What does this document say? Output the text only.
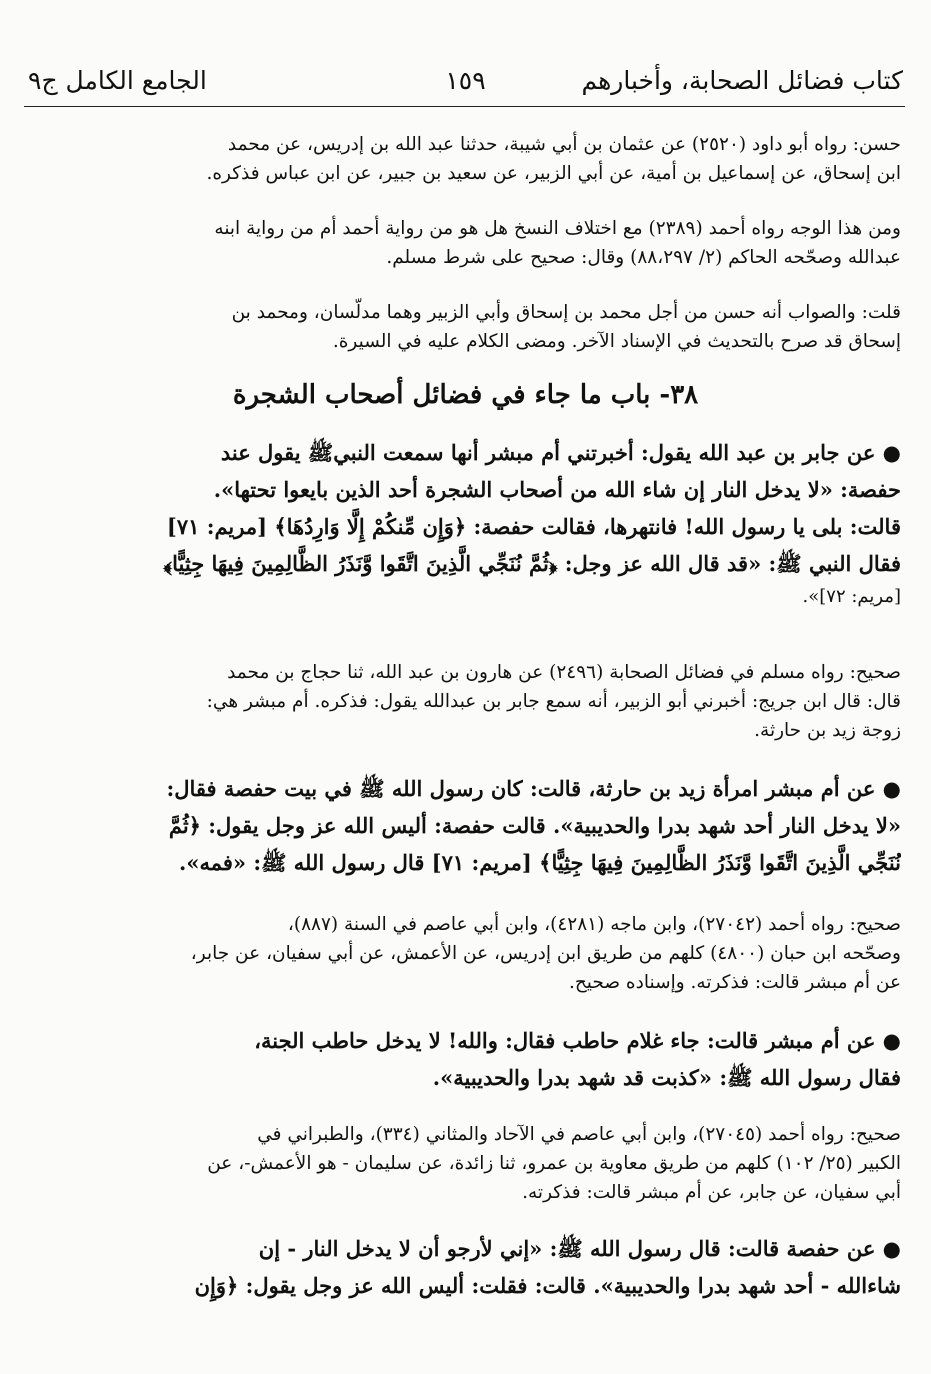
كتاب فضائل الصحابة، وأخبارهم
١٥٩
الجامع الكامل ج٩
حسن: رواه أبو داود (٢٥٢٠) عن عثمان بن أبي شيبة، حدثنا عبد الله بن إدريس، عن محمد
ابن إسحاق، عن إسماعيل بن أمية، عن أبي الزبير، عن سعيد بن جبير، عن ابن عباس فذكره.
ومن هذا الوجه رواه أحمد (٢٣٨٩) مع اختلاف النسخ هل هو من رواية أحمد أم من رواية ابنه
عبدالله وصحّحه الحاكم (٢/ ٨٨،٢٩٧) وقال: صحيح على شرط مسلم.
قلت: والصواب أنه حسن من أجل محمد بن إسحاق وأبي الزبير وهما مدلّسان، ومحمد بن
إسحاق قد صرح بالتحديث في الإسناد الآخر. ومضى الكلام عليه في السيرة.
٣٨- باب ما جاء في فضائل أصحاب الشجرة
● عن جابر بن عبد الله يقول: أخبرتني أم مبشر أنها سمعت النبيﷺ يقول عند
حفصة: «لا يدخل النار إن شاء الله من أصحاب الشجرة أحد الذين بايعوا تحتها».
قالت: بلى يا رسول الله! فانتهرها، فقالت حفصة: ﴿وَإِن مِّنكُمْ إِلَّا وَارِدُهَا﴾ [مريم: ٧١]
فقال النبي ﷺ: «قد قال الله عز وجل: ﴿ثُمَّ نُنَجِّي الَّذِينَ اتَّقَوا وَّنَذَرُ الظَّالِمِينَ فِيهَا جِثِيًّا﴾
[مريم: ٧٢]».
صحيح: رواه مسلم في فضائل الصحابة (٢٤٩٦) عن هارون بن عبد الله، ثنا حجاج بن محمد
قال: قال ابن جريج: أخبرني أبو الزبير، أنه سمع جابر بن عبدالله يقول: فذكره. أم مبشر هي:
زوجة زيد بن حارثة.
● عن أم مبشر امرأة زيد بن حارثة، قالت: كان رسول الله ﷺ في بيت حفصة فقال:
«لا يدخل النار أحد شهد بدرا والحديبية». قالت حفصة: أليس الله عز وجل يقول: ﴿ثُمَّ
نُنَجِّي الَّذِينَ اتَّقَوا وَّنَذَرُ الظَّالِمِينَ فِيهَا جِثِيًّا﴾ [مريم: ٧١] قال رسول الله ﷺ: «فمه».
صحيح: رواه أحمد (٢٧٠٤٢)، وابن ماجه (٤٢٨١)، وابن أبي عاصم في السنة (٨٨٧)،
وصحّحه ابن حبان (٤٨٠٠) كلهم من طريق ابن إدريس، عن الأعمش، عن أبي سفيان، عن جابر،
عن أم مبشر قالت: فذكرته. وإسناده صحيح.
● عن أم مبشر قالت: جاء غلام حاطب فقال: والله! لا يدخل حاطب الجنة،
فقال رسول الله ﷺ: «كذبت قد شهد بدرا والحديبية».
صحيح: رواه أحمد (٢٧٠٤٥)، وابن أبي عاصم في الآحاد والمثاني (٣٣٤)، والطبراني في
الكبير (٢٥/ ١٠٢) كلهم من طريق معاوية بن عمرو، ثنا زائدة، عن سليمان - هو الأعمش-، عن
أبي سفيان، عن جابر، عن أم مبشر قالت: فذكرته.
● عن حفصة قالت: قال رسول الله ﷺ: «إني لأرجو أن لا يدخل النار - إن
شاءالله - أحد شهد بدرا والحديبية». قالت: فقلت: أليس الله عز وجل يقول: ﴿وَإِن
